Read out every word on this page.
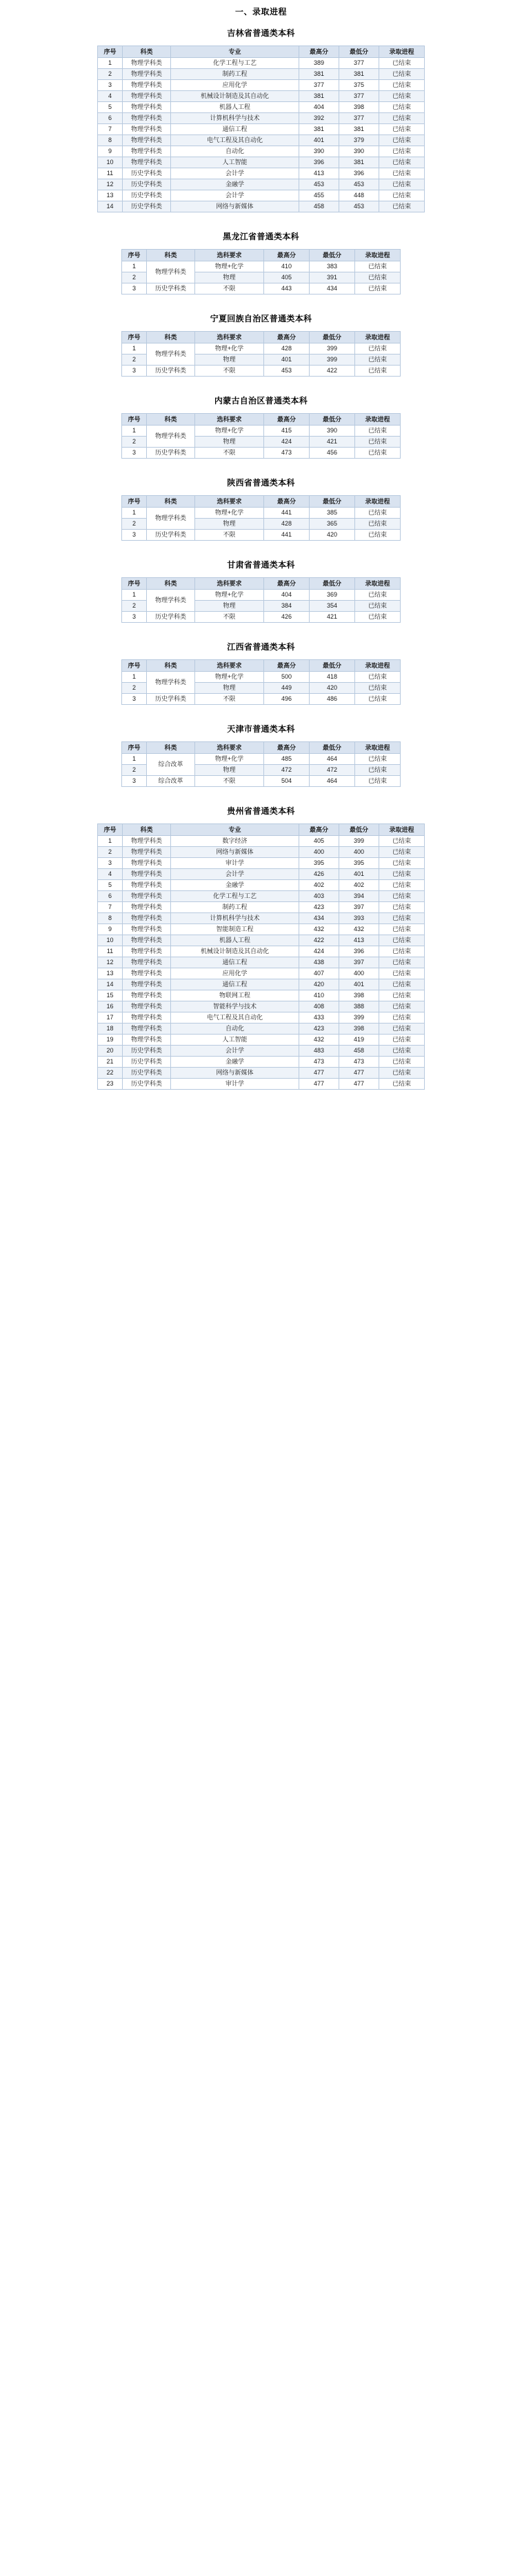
一、录取进程
吉林省普通类本科
序号	科类	专业	最高分	最低分	录取进程
1	物理学科类	化学工程与工艺	389	377	已结束
2	物理学科类	制药工程	381	381	已结束
3	物理学科类	应用化学	377	375	已结束
4	物理学科类	机械设计制造及其自动化	381	377	已结束
5	物理学科类	机器人工程	404	398	已结束
6	物理学科类	计算机科学与技术	392	377	已结束
7	物理学科类	通信工程	381	381	已结束
8	物理学科类	电气工程及其自动化	401	379	已结束
9	物理学科类	自动化	390	390	已结束
10	物理学科类	人工智能	396	381	已结束
11	历史学科类	会计学	413	396	已结束
12	历史学科类	金融学	453	453	已结束
13	历史学科类	会计学	455	448	已结束
14	历史学科类	网络与新媒体	458	453	已结束
黑龙江省普通类本科
序号	科类	选科要求	最高分	最低分	录取进程
1	物理学科类	物理+化学	410	383	已结束
2		物理	405	391	已结束
3	历史学科类	不限	443	434	已结束
宁夏回族自治区普通类本科
序号	科类	选科要求	最高分	最低分	录取进程
1	物理学科类	物理+化学	428	399	已结束
2		物理	401	399	已结束
3	历史学科类	不限	453	422	已结束
内蒙古自治区普通类本科
序号	科类	选科要求	最高分	最低分	录取进程
1	物理学科类	物理+化学	415	390	已结束
2		物理	424	421	已结束
3	历史学科类	不限	473	456	已结束
陕西省普通类本科
序号	科类	选科要求	最高分	最低分	录取进程
1	物理学科类	物理+化学	441	385	已结束
2		物理	428	365	已结束
3	历史学科类	不限	441	420	已结束
甘肃省普通类本科
序号	科类	选科要求	最高分	最低分	录取进程
1	物理学科类	物理+化学	404	369	已结束
2		物理	384	354	已结束
3	历史学科类	不限	426	421	已结束
江西省普通类本科
序号	科类	选科要求	最高分	最低分	录取进程
1	物理学科类	物理+化学	500	418	已结束
2		物理	449	420	已结束
3	历史学科类	不限	496	486	已结束
天津市普通类本科
序号	科类	选科要求	最高分	最低分	录取进程
1	综合改革	物理+化学	485	464	已结束
2		物理	472	472	已结束
3	综合改革	不限	504	464	已结束
贵州省普通类本科
序号	科类	专业	最高分	最低分	录取进程
1	物理学科类	数字经济	405	399	已结束
2	物理学科类	网络与新媒体	400	400	已结束
3	物理学科类	审计学	395	395	已结束
4	物理学科类	会计学	426	401	已结束
5	物理学科类	金融学	402	402	已结束
6	物理学科类	化学工程与工艺	403	394	已结束
7	物理学科类	制药工程	423	397	已结束
8	物理学科类	计算机科学与技术	434	393	已结束
9	物理学科类	智能制造工程	432	432	已结束
10	物理学科类	机器人工程	422	413	已结束
11	物理学科类	机械设计制造及其自动化	424	396	已结束
12	物理学科类	通信工程	438	397	已结束
13	物理学科类	应用化学	407	400	已结束
14	物理学科类	通信工程	420	401	已结束
15	物理学科类	物联网工程	410	398	已结束
16	物理学科类	智能科学与技术	408	388	已结束
17	物理学科类	电气工程及其自动化	433	399	已结束
18	物理学科类	自动化	423	398	已结束
19	物理学科类	人工智能	432	419	已结束
20	历史学科类	会计学	483	458	已结束
21	历史学科类	金融学	473	473	已结束
22	历史学科类	网络与新媒体	477	477	已结束
23	历史学科类	审计学	477	477	已结束
